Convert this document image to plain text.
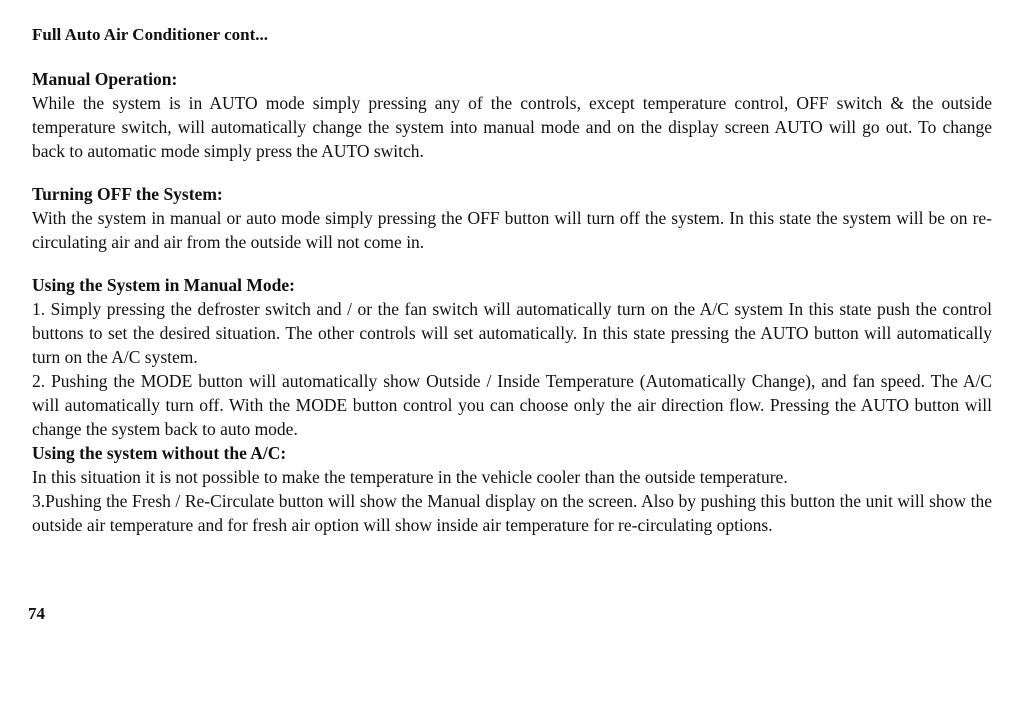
Full Auto Air Conditioner cont...

Manual Operation:

While the system is in AUTO mode simply pressing any of the controls, except temperature control, OFF switch & the outside temperature switch, will automatically change the system into manual mode and on the display screen AUTO will go out. To change back to automatic mode simply press the AUTO switch.

Turning OFF the System:

With the system in manual or auto mode simply pressing the OFF button will turn off the system. In this state the system will be on re-circulating air and air from the outside will not come in.

Using the System in Manual Mode:

1. Simply pressing the defroster switch and / or the fan switch will automatically turn on the A/C system In this state push the control buttons to set the desired situation. The other controls will set automatically. In this state pressing the AUTO button will automatically turn on the A/C system.

2. Pushing the MODE button will automatically show Outside / Inside Temperature (Automatically Change), and fan speed. The A/C will automatically turn off. With the MODE button control you can choose only the air direction flow. Pressing the AUTO button will change the system back to auto mode.

Using the system without the A/C:

In this situation it is not possible to make the temperature in the vehicle cooler than the outside temperature.

3.Pushing the Fresh / Re-Circulate button will show the Manual display on the screen. Also by pushing this button the unit will show the outside air temperature and for fresh air option will show inside air temperature for re-circulating options.

74
